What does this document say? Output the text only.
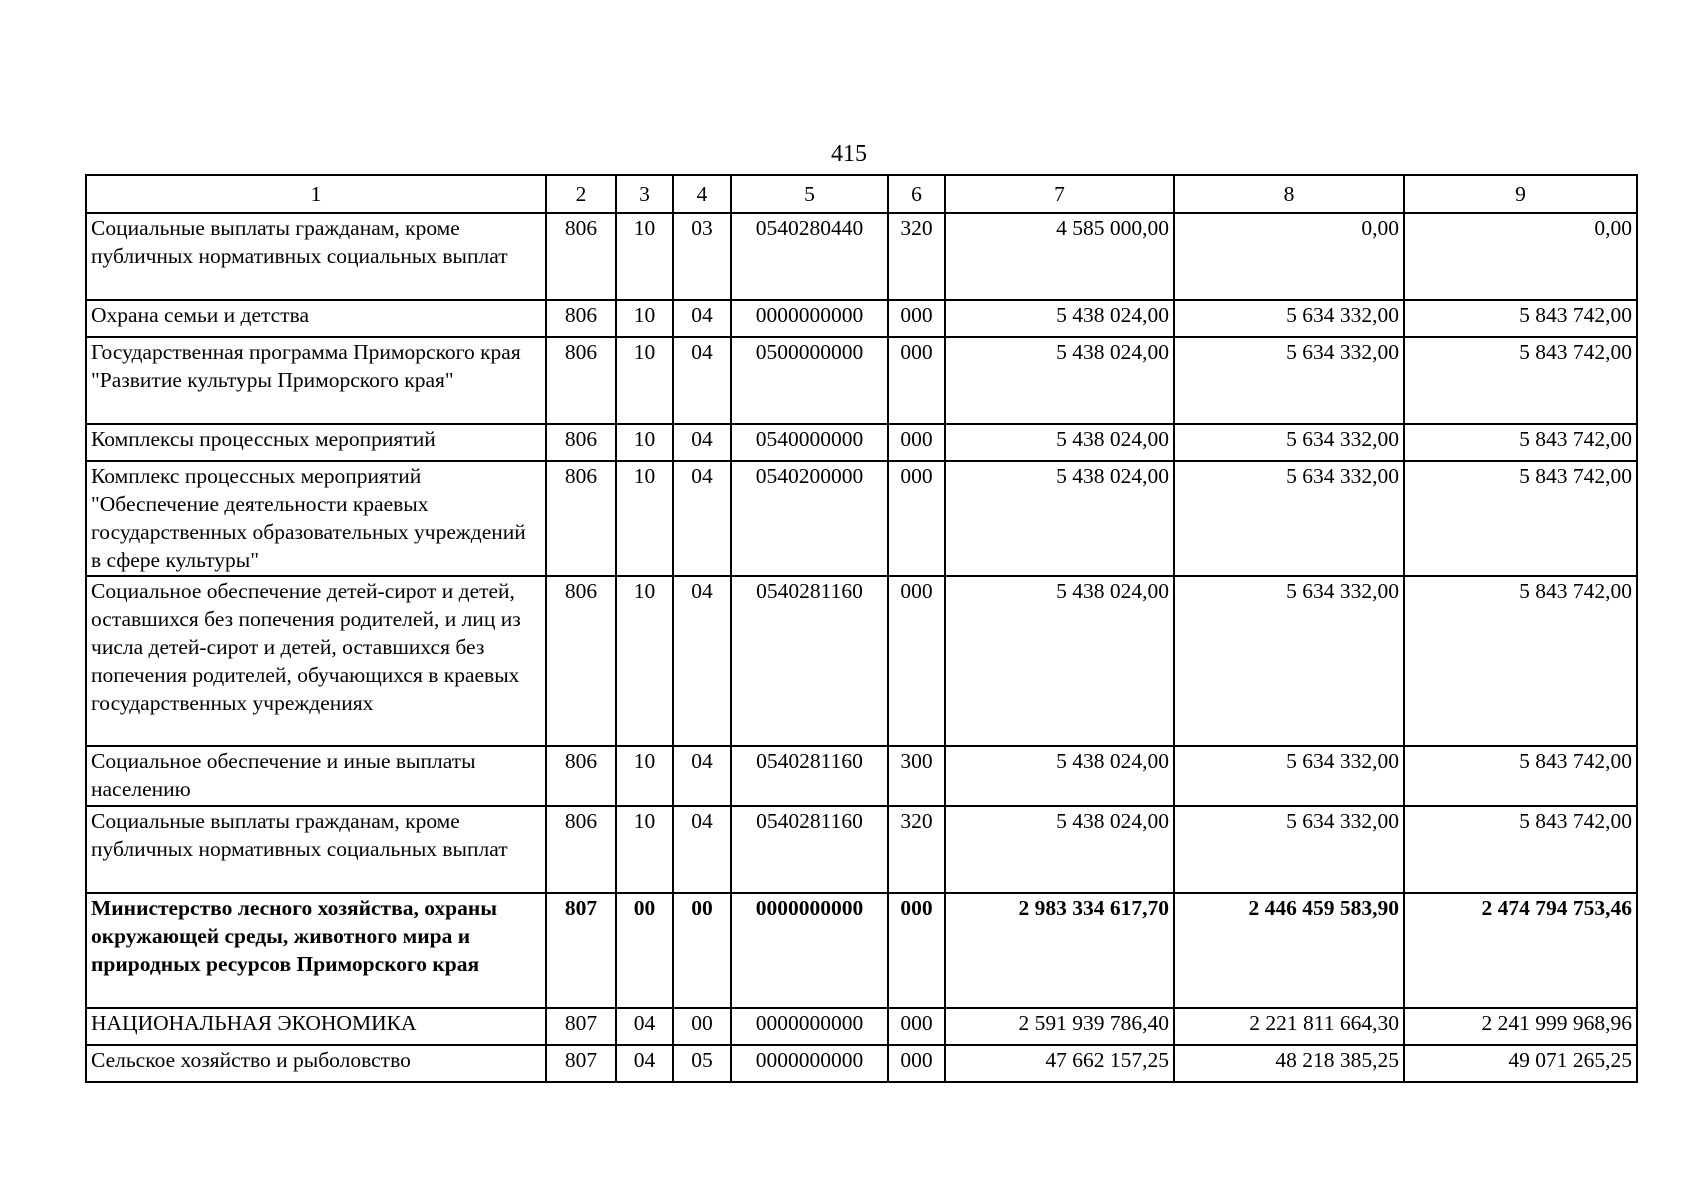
415
1	2	3	4	5	6	7	8	9
Социальные выплаты гражданам, кроме публичных нормативных социальных выплат	806	10	03	0540280440	320	4 585 000,00	0,00	0,00
Охрана семьи и детства	806	10	04	0000000000	000	5 438 024,00	5 634 332,00	5 843 742,00
Государственная программа Приморского края "Развитие культуры Приморского края"	806	10	04	0500000000	000	5 438 024,00	5 634 332,00	5 843 742,00
Комплексы процессных мероприятий	806	10	04	0540000000	000	5 438 024,00	5 634 332,00	5 843 742,00
Комплекс процессных мероприятий "Обеспечение деятельности краевых государственных образовательных учреждений в сфере культуры"	806	10	04	0540200000	000	5 438 024,00	5 634 332,00	5 843 742,00
Социальное обеспечение детей-сирот и детей, оставшихся без попечения родителей, и лиц из числа детей-сирот и детей, оставшихся без попечения родителей, обучающихся в краевых государственных учреждениях	806	10	04	0540281160	000	5 438 024,00	5 634 332,00	5 843 742,00
Социальное обеспечение и иные выплаты населению	806	10	04	0540281160	300	5 438 024,00	5 634 332,00	5 843 742,00
Социальные выплаты гражданам, кроме публичных нормативных социальных выплат	806	10	04	0540281160	320	5 438 024,00	5 634 332,00	5 843 742,00
Министерство лесного хозяйства, охраны окружающей среды, животного мира и природных ресурсов Приморского края	807	00	00	0000000000	000	2 983 334 617,70	2 446 459 583,90	2 474 794 753,46
НАЦИОНАЛЬНАЯ ЭКОНОМИКА	807	04	00	0000000000	000	2 591 939 786,40	2 221 811 664,30	2 241 999 968,96
Сельское хозяйство и рыболовство	807	04	05	0000000000	000	47 662 157,25	48 218 385,25	49 071 265,25
